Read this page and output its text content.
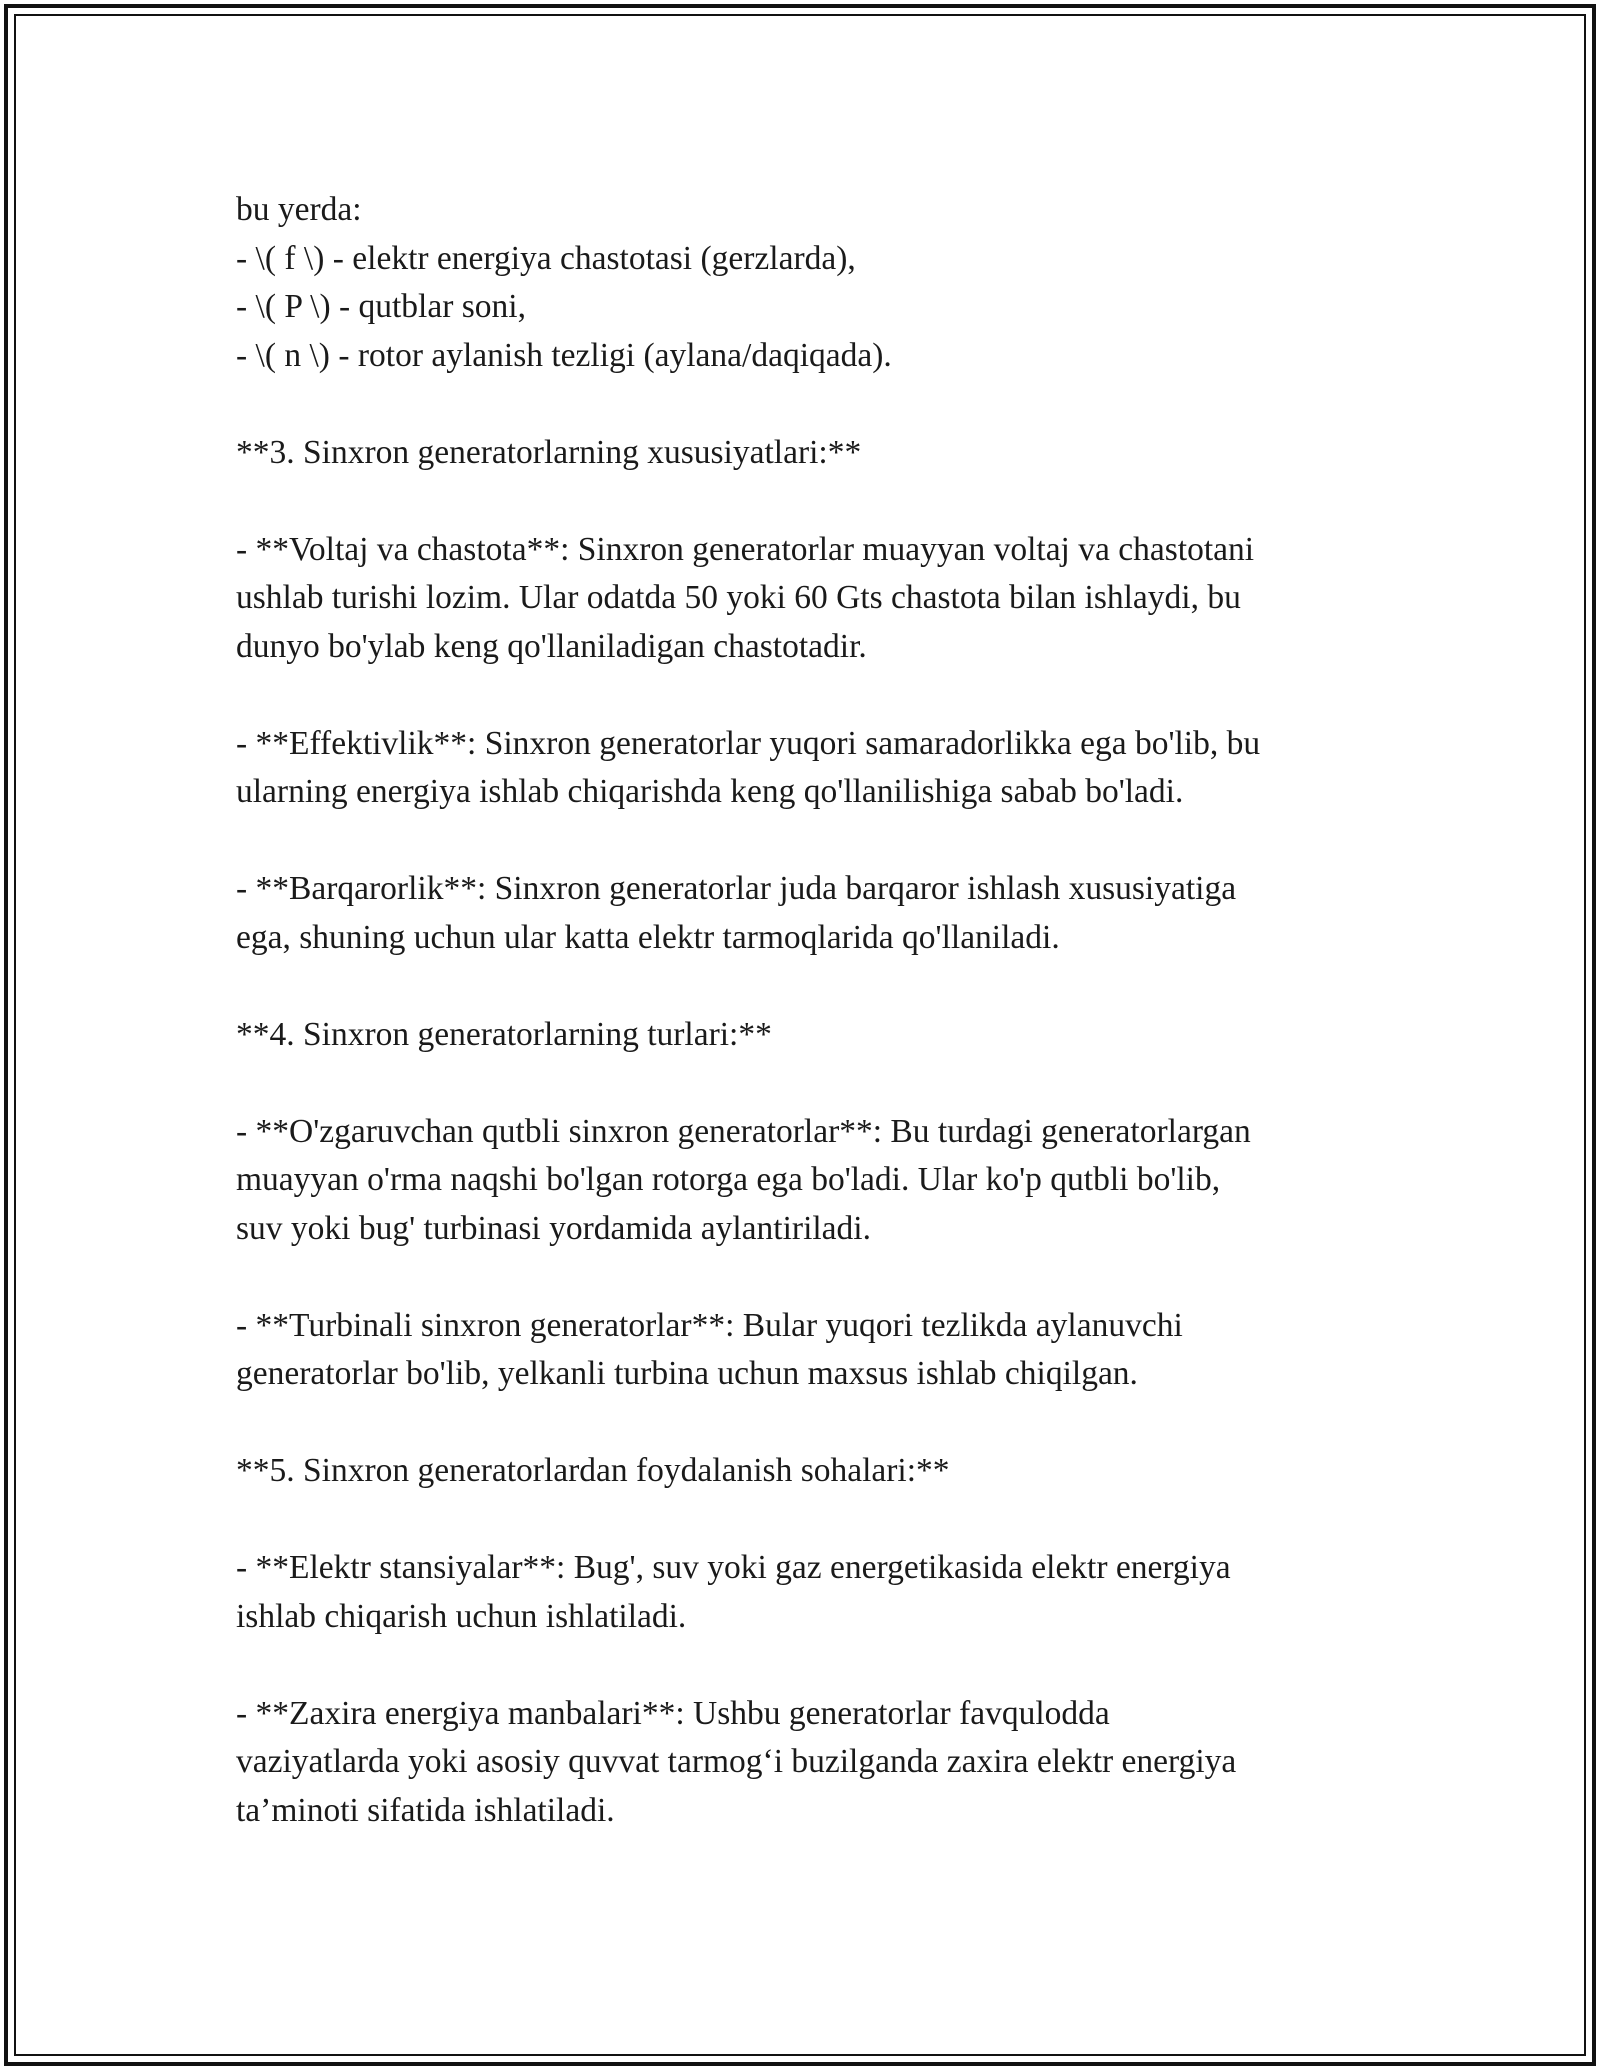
bu yerda:
- \( f \) - elektr energiya chastotasi (gerzlarda),
- \( P \) - qutblar soni,
- \( n \) - rotor aylanish tezligi (aylana/daqiqada).
**3. Sinxron generatorlarning xususiyatlari:**
- **Voltaj va chastota**: Sinxron generatorlar muayyan voltaj va chastotani
ushlab turishi lozim. Ular odatda 50 yoki 60 Gts chastota bilan ishlaydi, bu
dunyo bo'ylab keng qo'llaniladigan chastotadir.
- **Effektivlik**: Sinxron generatorlar yuqori samaradorlikka ega bo'lib, bu
ularning energiya ishlab chiqarishda keng qo'llanilishiga sabab bo'ladi.
- **Barqarorlik**: Sinxron generatorlar juda barqaror ishlash xususiyatiga
ega, shuning uchun ular katta elektr tarmoqlarida qo'llaniladi.
**4. Sinxron generatorlarning turlari:**
- **O'zgaruvchan qutbli sinxron generatorlar**: Bu turdagi generatorlargan
muayyan o'rma naqshi bo'lgan rotorga ega bo'ladi. Ular ko'p qutbli bo'lib,
suv yoki bug' turbinasi yordamida aylantiriladi.
- **Turbinali sinxron generatorlar**: Bular yuqori tezlikda aylanuvchi
generatorlar bo'lib, yelkanli turbina uchun maxsus ishlab chiqilgan.
**5. Sinxron generatorlardan foydalanish sohalari:**
- **Elektr stansiyalar**: Bug', suv yoki gaz energetikasida elektr energiya
ishlab chiqarish uchun ishlatiladi.
- **Zaxira energiya manbalari**: Ushbu generatorlar favqulodda
vaziyatlarda yoki asosiy quvvat tarmog‘i buzilganda zaxira elektr energiya
ta’minoti sifatida ishlatiladi.
